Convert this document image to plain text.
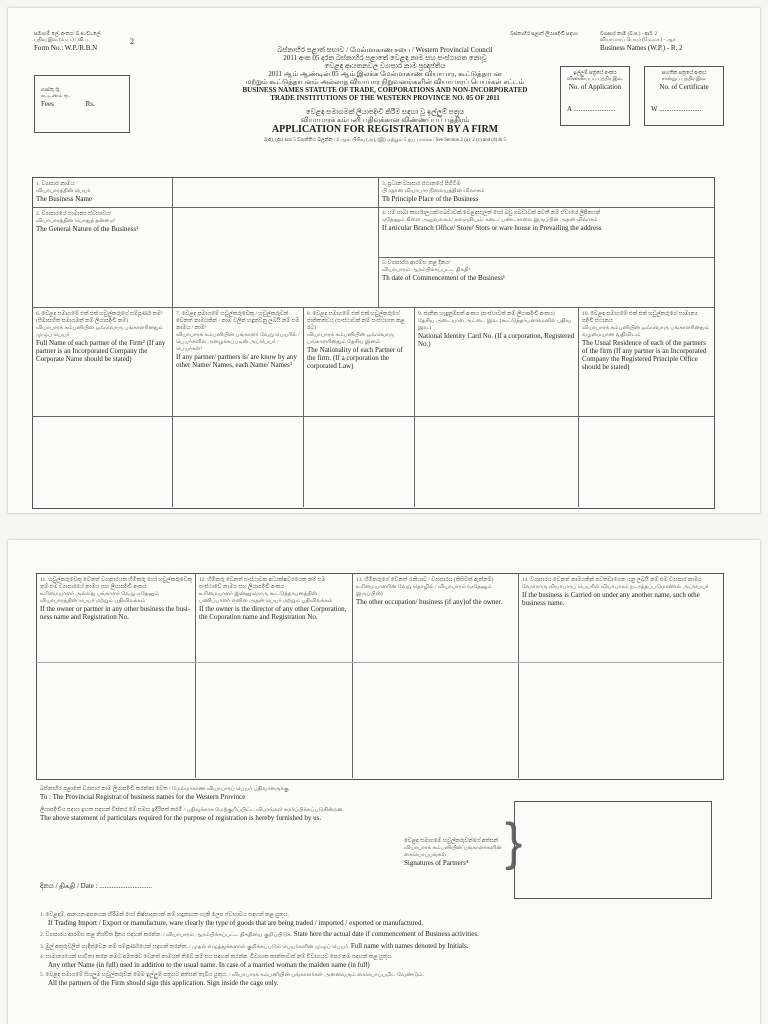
සමාගම් ලේ. අංකය/ බ.ප./වා.ලේ.
பதிவு இல. (வ.ப.) / வி.ப.
Form No.: W.P./R.B.N
2
බස්නාහිර පළාත් ලියාපදිංචි සඳහා	ව්‍යාපාර නාම (බ.ප.) - ආර්. 2
வியாபாரப் பெயர் (மே.மா.) - ஆர்
Business Names (W.P.) - R. 2
බස්නාහිර පළාත් සභාව / மேல்மாகாண சபை / Western Provincial Council
2011 අංක 05 දරන බස්නාහිර පළාතේ වෙළඳ නාම සහ සංස්ථාගත නොවූ
වෙළඳ ආයතනවල ව්‍යාපාර නාම ප්‍රඥප්තිය
2011 ஆம் ஆண்டின் 05 ஆம் இலக்க மேல்மாகாண வியாபார, கூட்டுத்தாபன
மற்றும் கூட்டுத்தாபனம் அல்லாத வியாபார நிறுவனங்களின் வியாபாரப் பெயர்கள் சட்டம்
BUSINESS NAMES STATUTE OF TRADE, CORPORATIONS AND NON-INCORPORATED
TRADE INSTITUTIONS OF THE WESTERN PROVINCE NO. 05 OF 2011
වෙළඳ සමාගමක් ලියාපදිංචි කිරීම සඳහා වූ ඉල්ලුම් පත්‍රය
வியாபாரக் கம்பனி பதிவுக்கான விண்ணப்பப் பத்திரம்
APPLICATION FOR REGISTRATION BY A FIRM
2(අ), (ආ) සහ 5 වගන්තිය බලන්න / 2 ஆம் பிரிவு (அ), (இ) மற்றும் 5 ஐப் பார்க்க / See Section 2 (a), 2 (c) and (d) & 5
ගාස්තු රු.
கட்டணம் ரூ.
Fees	Rs.
ඉල්ලුම් පත්‍රයේ අංකය
விண்ணப்பப் பத்திர இல.
No. of Application
A ........................
සහතික පත්‍රයේ අංකය
சான்றுப் பத்திர இல.
No. of Certificate
W ........................
1. ව්‍යාපාර නාමය
வியாபாரத்தின் பெயர்
The Business Name
2. ව්‍යාපාරයේ සාමාන්‍ය ස්වභාවය¹
வியாபாரத்தின் பொதுத் தன்மை¹
The General Nature of the Business¹
3. ප්‍රධාන ව්‍යාපාර ස්ථානයේ පිහිටීම
பி ரதான வியாபார நிலையத்தின் விலாசம்
Th Principle Place of the Business
4. යම් ශාඛා කාර්යාලයක්/ගබඩාවක්/වෙළඳසැලක් හෝ බඩු ගබඩාවක් පවතී නම් ඒවායේ ලිපිනයන්
ஏதேனும் கிளை அலுவலகம்/ களஞ்சியம்/ கடை/ பண்டசாலை இருப்பின் அதன் விலாசம்
If articular Branch Office/ Store/ Stors or ware house in Prevailing the address
5. ව්‍යාපාරය ආරම්භ කළ දිනය¹
வியாபாரம் ஆரம்பிக்கப்பட்ட திகதி¹
Th date of Commencement of the Business¹
6. වෙළඳ සමාගමේ එක් එක් හවුල්කරුගේ සම්පූර්ණ නම² (සීමාසහිත සමාගමක් නම් ලියාපදිංචි නම)
வியாபாரக் கம்பனியின் ஒவ்வொரு பங்காளரினதும் முழுப் பெயர்
Full Name of each partner of the Firm² (If any partner is an Incorporated Company the Corporate Name should be stated)
7. වෙළඳ සමාගමේ හවුල්කරුවෙකු / හවුල්කරුවන් වෙනත් නාමයකින් / නාම වලින් හඳුන්වනු ලබයි නම් එම නාමය / නාම³
வியாபாரக் கம்பனியின் பங்காளர் வேறு பெயரில் / பெயர்களில் அழைக்கப்படின் அப்பெயர் / பெயர்கள்³
If any partner/ partners is/ are know by any other Name/ Names, each Name/ Names³
8. වෙළඳ සමාගමේ එක් එක් හවුල්කරුගේ ජාතිකත්වය (සංස්ථාවක් නම් සංස්ථාගත කළ රට)
வியாபாரக் கம்பனியின் ஒவ்வொரு பங்காளரினதும் தேசிய இனம்
The Nationality of each Partner of the firm. (If a corporation the corporated Law)
9. ජාතික හැඳුනුම්පත් අංකය (සංස්ථාවක් නම් ලියාපදිංචි අංකය)
தேசிய அடையாள அட்டை இல. (கூட்டுத்தாபனமெனில் பதிவு இல.)
National Identity Card No. (If a corporation, Registered No.)
10. වෙළඳ සමාගමේ එක් එක් හවුල්කරුගේ සාමාන්‍ය පදිංචි ස්ථානය
வியாபாரக் கம்பனியின் ஒவ்வொரு பங்காளரினதும் வழமையான வதிவிடம்
The Usual Residence of each of the partners of the firm (If any partner is an Incorporated Company the Registered Principle Office should be stated)
11. හවුල්කරුවෙකු වෙනත් ව්‍යාපාරයක හිමිකරු හෝ හවුල්කරුවෙකු නම් එම ව්‍යාපාරයේ නාමය සහ ලියාපදිංචි අංකය
உரிமையாளர் அல்லது பங்காளர் வேறு ஏதேனும் வியாபாரத்தின் பெயர் மற்றும் பதிவிலக்கம்
If the owner or partner in any other business the busi-ness name and Registration No.
12. හිමිකරු වෙනත් සංස්ථාවක අධ්‍යක්ෂවරයෙකු නම් එම සංස්ථාවේ නාමය සහ ලියාපදිංචි අංකය
உரிமையாளர் இன்னுமொரு கூட்டுத்தாபனத்தின் பணிப்பாளர் எனின் அதன் பெயர் மற்றும் பதிவிலக்கம்
If the owner is the director of any other Corporation, the Coporation name and Registration No.
13. හිමිකරුගේ වෙනත් රැකියාව / ව්‍යාපාරය (කිසිවක් ඇත්නම්)
உரிமையாளரின் வேறு தொழில் / வியாபாரம் (ஏதேனும் இருப்பின்)
The other occupation/ business (if any)of the owner.
14. ව්‍යාපාරය වෙනත් නාමයකින් පවත්වාගෙන යනු ලබයි නම් එම ව්‍යාපාර නාමය
வேறொரு வியாபாரப் பெயரில் வியாபாரம் நடாத்தப்படுமானால் அப்பெயர்
If the business is Carried on under any another name, such othe business name.
බස්නාහිර පළාතේ ව්‍යාපාර නාම ලියාපදිංචි කරන්නා වෙත / மேல்மாகாண வியாபாரப் பெயர் பதிவாளருக்கு
To : The Provincial Registrar of business names for the Western Province
ලියාපදිංචිය සඳහා ඉහත සඳහන් විස්තර මේ සමඟ ඉදිරිපත් කරමි / பதிவுக்காக மேற்குறிப்பிட்ட விபரங்கள் சமர்ப்பிக்கப்படுகின்றன.
The above statement of particulars required for the purpose of registration is hereby furnished by us.
වෙළඳ සමාගමේ හවුල්කරුවන්ගේ අත්සන්
வியாபாரக் கம்பனியின் பங்காளர்களின் கையொப்பங்கள்
Signatures of Partners⁴ }
දිනය / திகதி / Date : ..............................
1. වෙළඳාම්, ආනයන/අපනයන හිරීමක් හෝ නිෂ්පාදනයක් නම් හඳුනාගත හැකි ලෙස ස්වභාවය සඳහන් කළ යුතුය.
If Trading Import / Export or manufacture, ware clearly the type of goods that are being traded / imported / exported or manufactured.
2. ව්‍යාපාරය ආරම්භ කළ නිශ්චිත දිනය සඳහන් කරන්න. / வியாபாரம் ஆரம்பிக்கப்பட்ட திகதியை குறிப்பிடுக. State here the actual date if commencement of Business activities.
3. මුල් අකුරුවලින් හැඳින්වෙන නම් සම්පූර්ණයෙන් සඳහන් කරන්න. / முதல் எழுத்துக்களால் குறிக்கப்படும் பெயர்களின் முழுப் பெயர். Full name with names denoted by Initials.
4. සාමාන්‍යයෙන් භාවිතා කරන නමට අමතරව වෙනත් නාමයක් තිබේ නම් එය සඳහන් කරන්න. විවාහක කාන්තාවක් නම් විවාහයට පෙර නම සඳහන් කළ යුතුය.
Any other Name (in full) used in addition to the usual name. In case of a married woman the maiden name (in full)
5. වෙළඳ සමාගමේ සියලුම හවුල්කරුවන් මෙම ඉල්ලුම් පත්‍රයට අත්සන් තැබිය යුතුය. / வியாபாரக் கம்பனியின் பங்காளர்கள் அனைவரும் கையொப்பமிட வேண்டும்.
All the partners of the Firm should sign this application. Sign inside the cage only.
